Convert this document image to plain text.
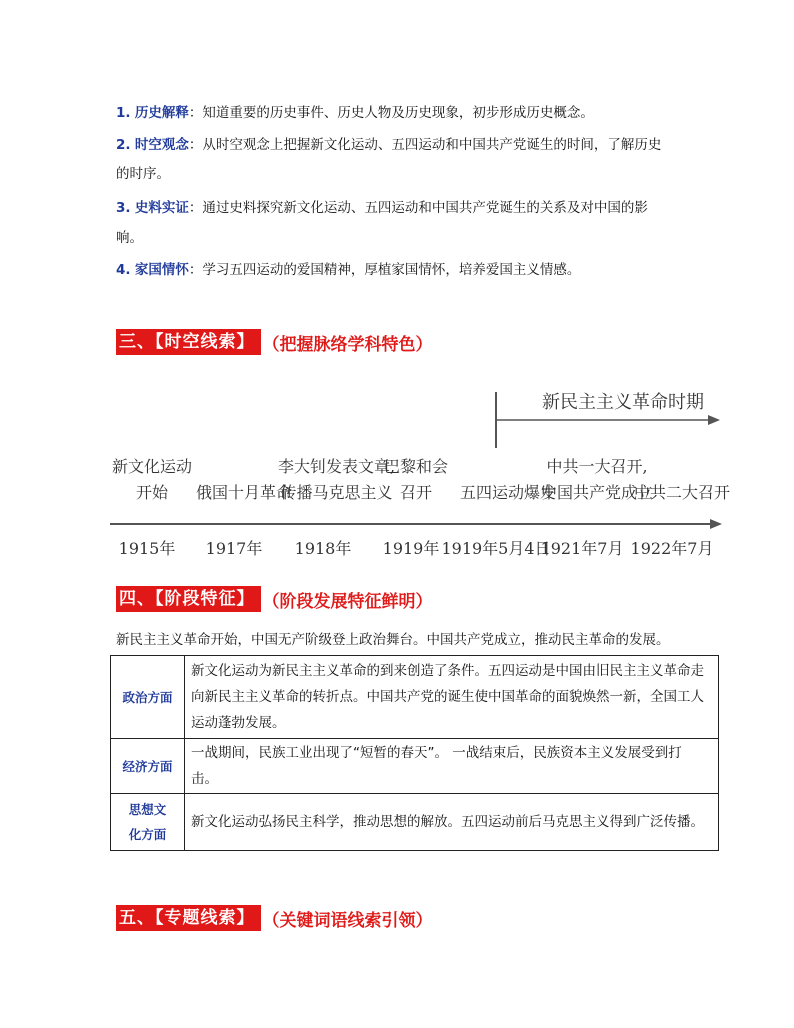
1. 历史解释：知道重要的历史事件、历史人物及历史现象，初步形成历史概念。
2. 时空观念：从时空观念上把握新文化运动、五四运动和中国共产党诞生的时间，了解历史
的时序。
3. 史料实证：通过史料探究新文化运动、五四运动和中国共产党诞生的关系及对中国的影
响。
4. 家国情怀：学习五四运动的爱国精神，厚植家国情怀，培养爱国主义情感。
三、【时空线索】 （把握脉络学科特色）
新民主主义革命时期
新文化运动
开始	俄国十月革命
李大钊发表文章,
传播马克思主义
巴黎和会
召开	五四运动爆发
中共一大召开,
中国共产党成立
中共二大召开
1915年 1917年 1918年 1919年 1919年5月4日
1921年7月 1922年7月
四、【阶段特征】 （阶段发展特征鲜明）
新民主主义革命开始，中国无产阶级登上政治舞台。中国共产党成立，推动民主革命的发展。
政治方面	新文化运动为新民主主义革命的到来创造了条件。五四运动是中国由旧民主主义革命走
向新民主主义革命的转折点。中国共产党的诞生使中国革命的面貌焕然一新，全国工人
运动蓬勃发展。

经济方面	一战期间，民族工业出现了“短暂的春天”。 一战结束后，民族资本主义发展受到打
击。

思想文
化方面	新文化运动弘扬民主科学，推动思想的解放。五四运动前后马克思主义得到广泛传播。
五、【专题线索】 （关键词语线索引领）
